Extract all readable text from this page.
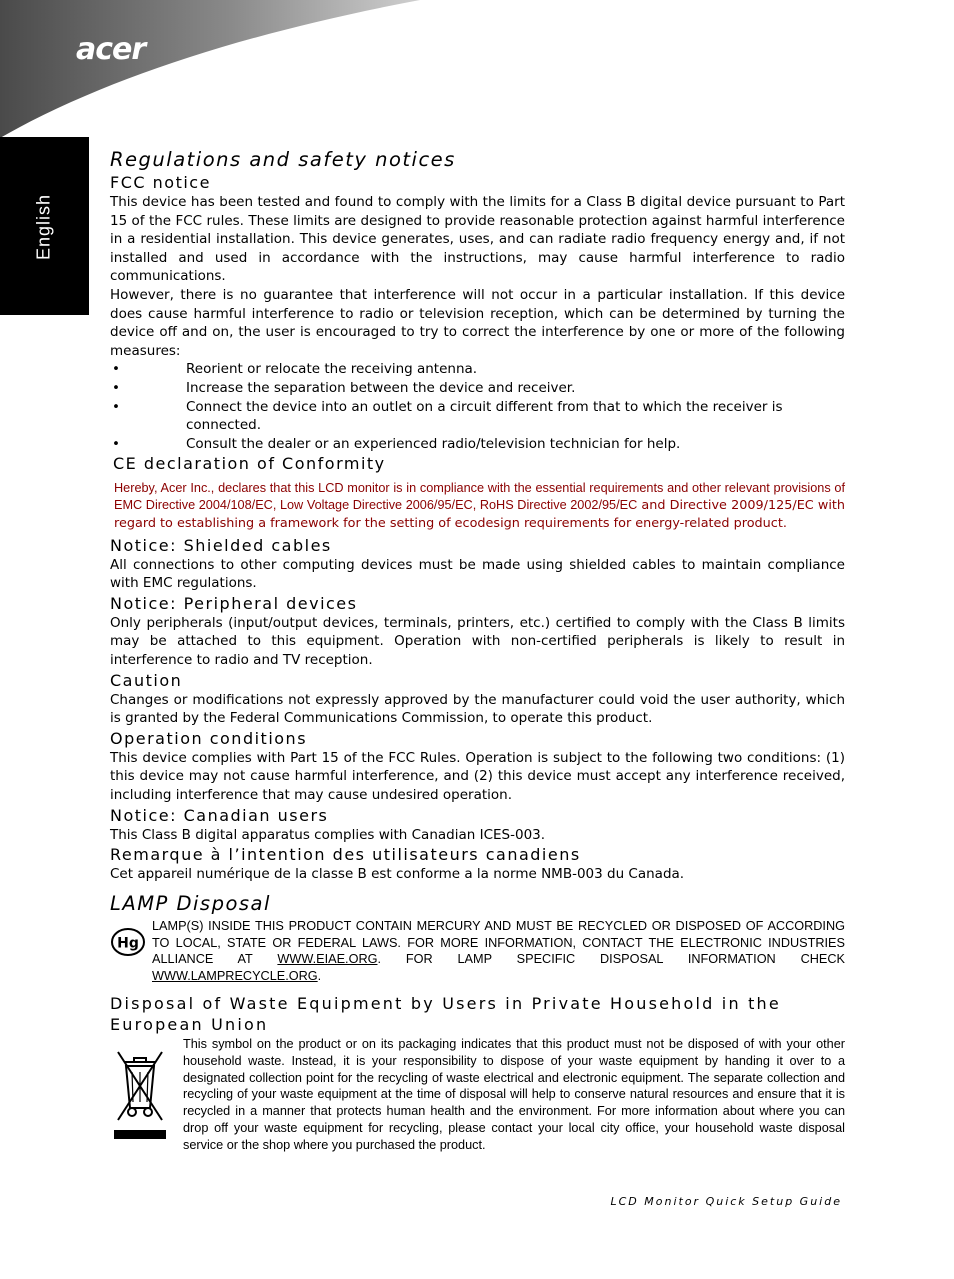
acer
English
Regulations and safety notices
FCC notice

This device has been tested and found to comply with the limits for a Class B digital device pursuant to Part 15 of the FCC rules. These limits are designed to provide reasonable protection against harmful interference in a residential installation. This device generates, uses, and can radiate radio frequency energy and, if not installed and used in accordance with the instructions, may cause harmful interference to radio communications.

However, there is no guarantee that interference will not occur in a particular installation. If this device does cause harmful interference to radio or television reception, which can be determined by turning the device off and on, the user is encouraged to try to correct the interference by one or more of the following measures:

• Reorient or relocate the receiving antenna.
• Increase the separation between the device and receiver.
• Connect the device into an outlet on a circuit different from that to which the receiver is connected.
• Consult the dealer or an experienced radio/television technician for help.
CE declaration of Conformity

Hereby, Acer Inc., declares that this LCD monitor is in compliance with the essential requirements and other relevant provisions of EMC Directive 2004/108/EC, Low Voltage Directive 2006/95/EC, RoHS Directive 2002/95/EC and Directive 2009/125/EC with regard to establishing a framework for the setting of ecodesign requirements for energy-related product.

Notice: Shielded cables

All connections to other computing devices must be made using shielded cables to maintain compliance with EMC regulations.

Notice: Peripheral devices

Only peripherals (input/output devices, terminals, printers, etc.) certified to comply with the Class B limits may be attached to this equipment. Operation with non-certified peripherals is likely to result in interference to radio and TV reception.

Caution

Changes or modifications not expressly approved by the manufacturer could void the user authority, which is granted by the Federal Communications Commission, to operate this product.

Operation conditions

This device complies with Part 15 of the FCC Rules. Operation is subject to the following two conditions: (1) this device may not cause harmful interference, and (2) this device must accept any interference received, including interference that may cause undesired operation.

Notice: Canadian users

This Class B digital apparatus complies with Canadian ICES-003.

Remarque à l’intention des utilisateurs canadiens

Cet appareil numérique de la classe B est conforme a la norme NMB-003 du Canada.

LAMP Disposal
Hg

LAMP(S) INSIDE THIS PRODUCT CONTAIN MERCURY AND MUST BE RECYCLED OR DISPOSED OF ACCORDING TO LOCAL, STATE OR FEDERAL LAWS. FOR MORE INFORMATION, CONTACT THE ELECTRONIC INDUSTRIES ALLIANCE AT WWW.EIAE.ORG. FOR LAMP SPECIFIC DISPOSAL INFORMATION CHECK WWW.LAMPRECYCLE.ORG.

Disposal of Waste Equipment by Users in Private Household in the European Union

This symbol on the product or on its packaging indicates that this product must not be disposed of with your other household waste. Instead, it is your responsibility to dispose of your waste equipment by handing it over to a designated collection point for the recycling of waste electrical and electronic equipment. The separate collection and recycling of your waste equipment at the time of disposal will help to conserve natural resources and ensure that it is recycled in a manner that protects human health and the environment. For more information about where you can drop off your waste equipment for recycling, please contact your local city office, your household waste disposal service or the shop where you purchased the product.

LCD Monitor Quick Setup Guide
